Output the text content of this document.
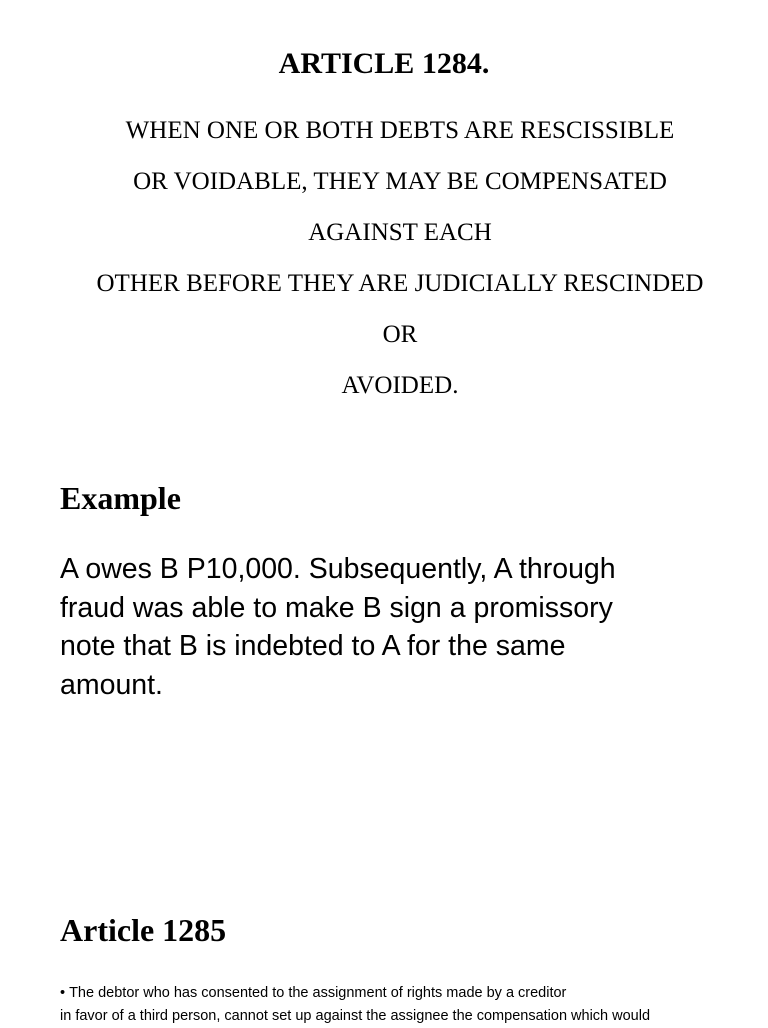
ARTICLE 1284.
WHEN ONE OR BOTH DEBTS ARE RESCISSIBLE
OR VOIDABLE, THEY MAY BE COMPENSATED
AGAINST EACH
OTHER BEFORE THEY ARE JUDICIALLY RESCINDED
OR
AVOIDED.
Example
A owes B P10,000. Subsequently, A through
fraud was able to make B sign a promissory
note that B is indebted to A for the same
amount.
Article 1285
• The debtor who has consented to the assignment of rights made by a creditor
in favor of a third person, cannot set up against the assignee the compensation which would
